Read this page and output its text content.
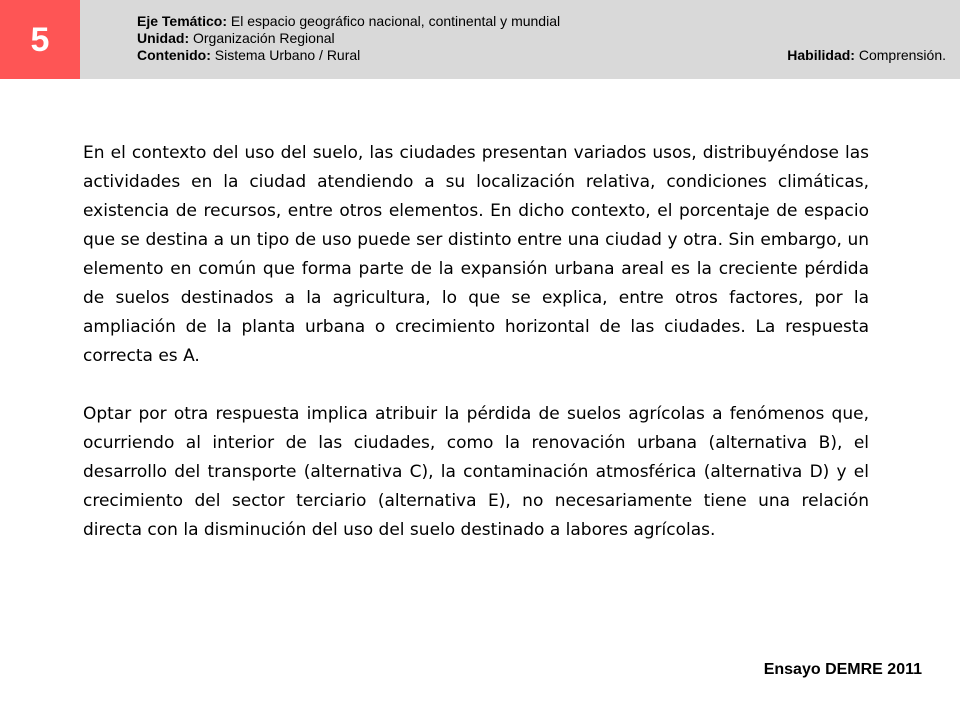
5	Eje Temático: El espacio geográfico nacional, continental y mundial
Unidad: Organización Regional
Contenido: Sistema Urbano / Rural	Habilidad: Comprensión.

En el contexto del uso del suelo, las ciudades presentan variados usos, distribuyéndose las actividades en la ciudad atendiendo a su localización relativa, condiciones climáticas, existencia de recursos, entre otros elementos. En dicho contexto, el porcentaje de espacio que se destina a un tipo de uso puede ser distinto entre una ciudad y otra. Sin embargo, un elemento en común que forma parte de la expansión urbana areal es la creciente pérdida de suelos destinados a la agricultura, lo que se explica, entre otros factores, por la ampliación de la planta urbana o crecimiento horizontal de las ciudades. La respuesta correcta es A.

Optar por otra respuesta implica atribuir la pérdida de suelos agrícolas a fenómenos que, ocurriendo al interior de las ciudades, como la renovación urbana (alternativa B), el desarrollo del transporte (alternativa C), la contaminación atmosférica (alternativa D) y el crecimiento del sector terciario (alternativa E), no necesariamente tiene una relación directa con la disminución del uso del suelo destinado a labores agrícolas.

Ensayo DEMRE 2011
